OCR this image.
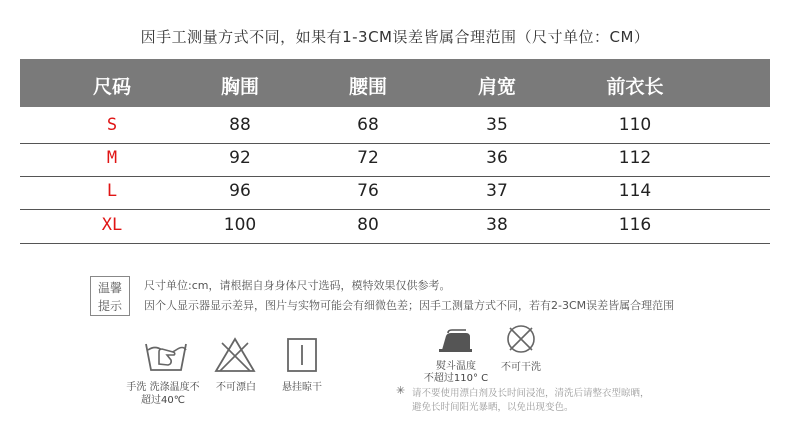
因手工测量方式不同，如果有1-3CM误差皆属合理范围（尺寸单位：CM）
尺码	胸围	腰围	肩宽	前衣长
S	88	68	35	110
M	92	72	36	112
L	96	76	37	114
XL	100	80	38	116
温馨
提示
尺寸单位:cm，请根据自身身体尺寸选码，模特效果仅供参考。
因个人显示器显示差异，图片与实物可能会有细微色差；因手工测量方式不同，若有2-3CM误差皆属合理范围
手洗 洗涤温度不
超过40℃
不可漂白	悬挂晾干
熨斗温度
不超过110° C
不可干洗
✳ 请不要使用漂白剂及长时间浸泡，清洗后请整衣型晾晒，
避免长时间阳光暴晒，以免出现变色。
